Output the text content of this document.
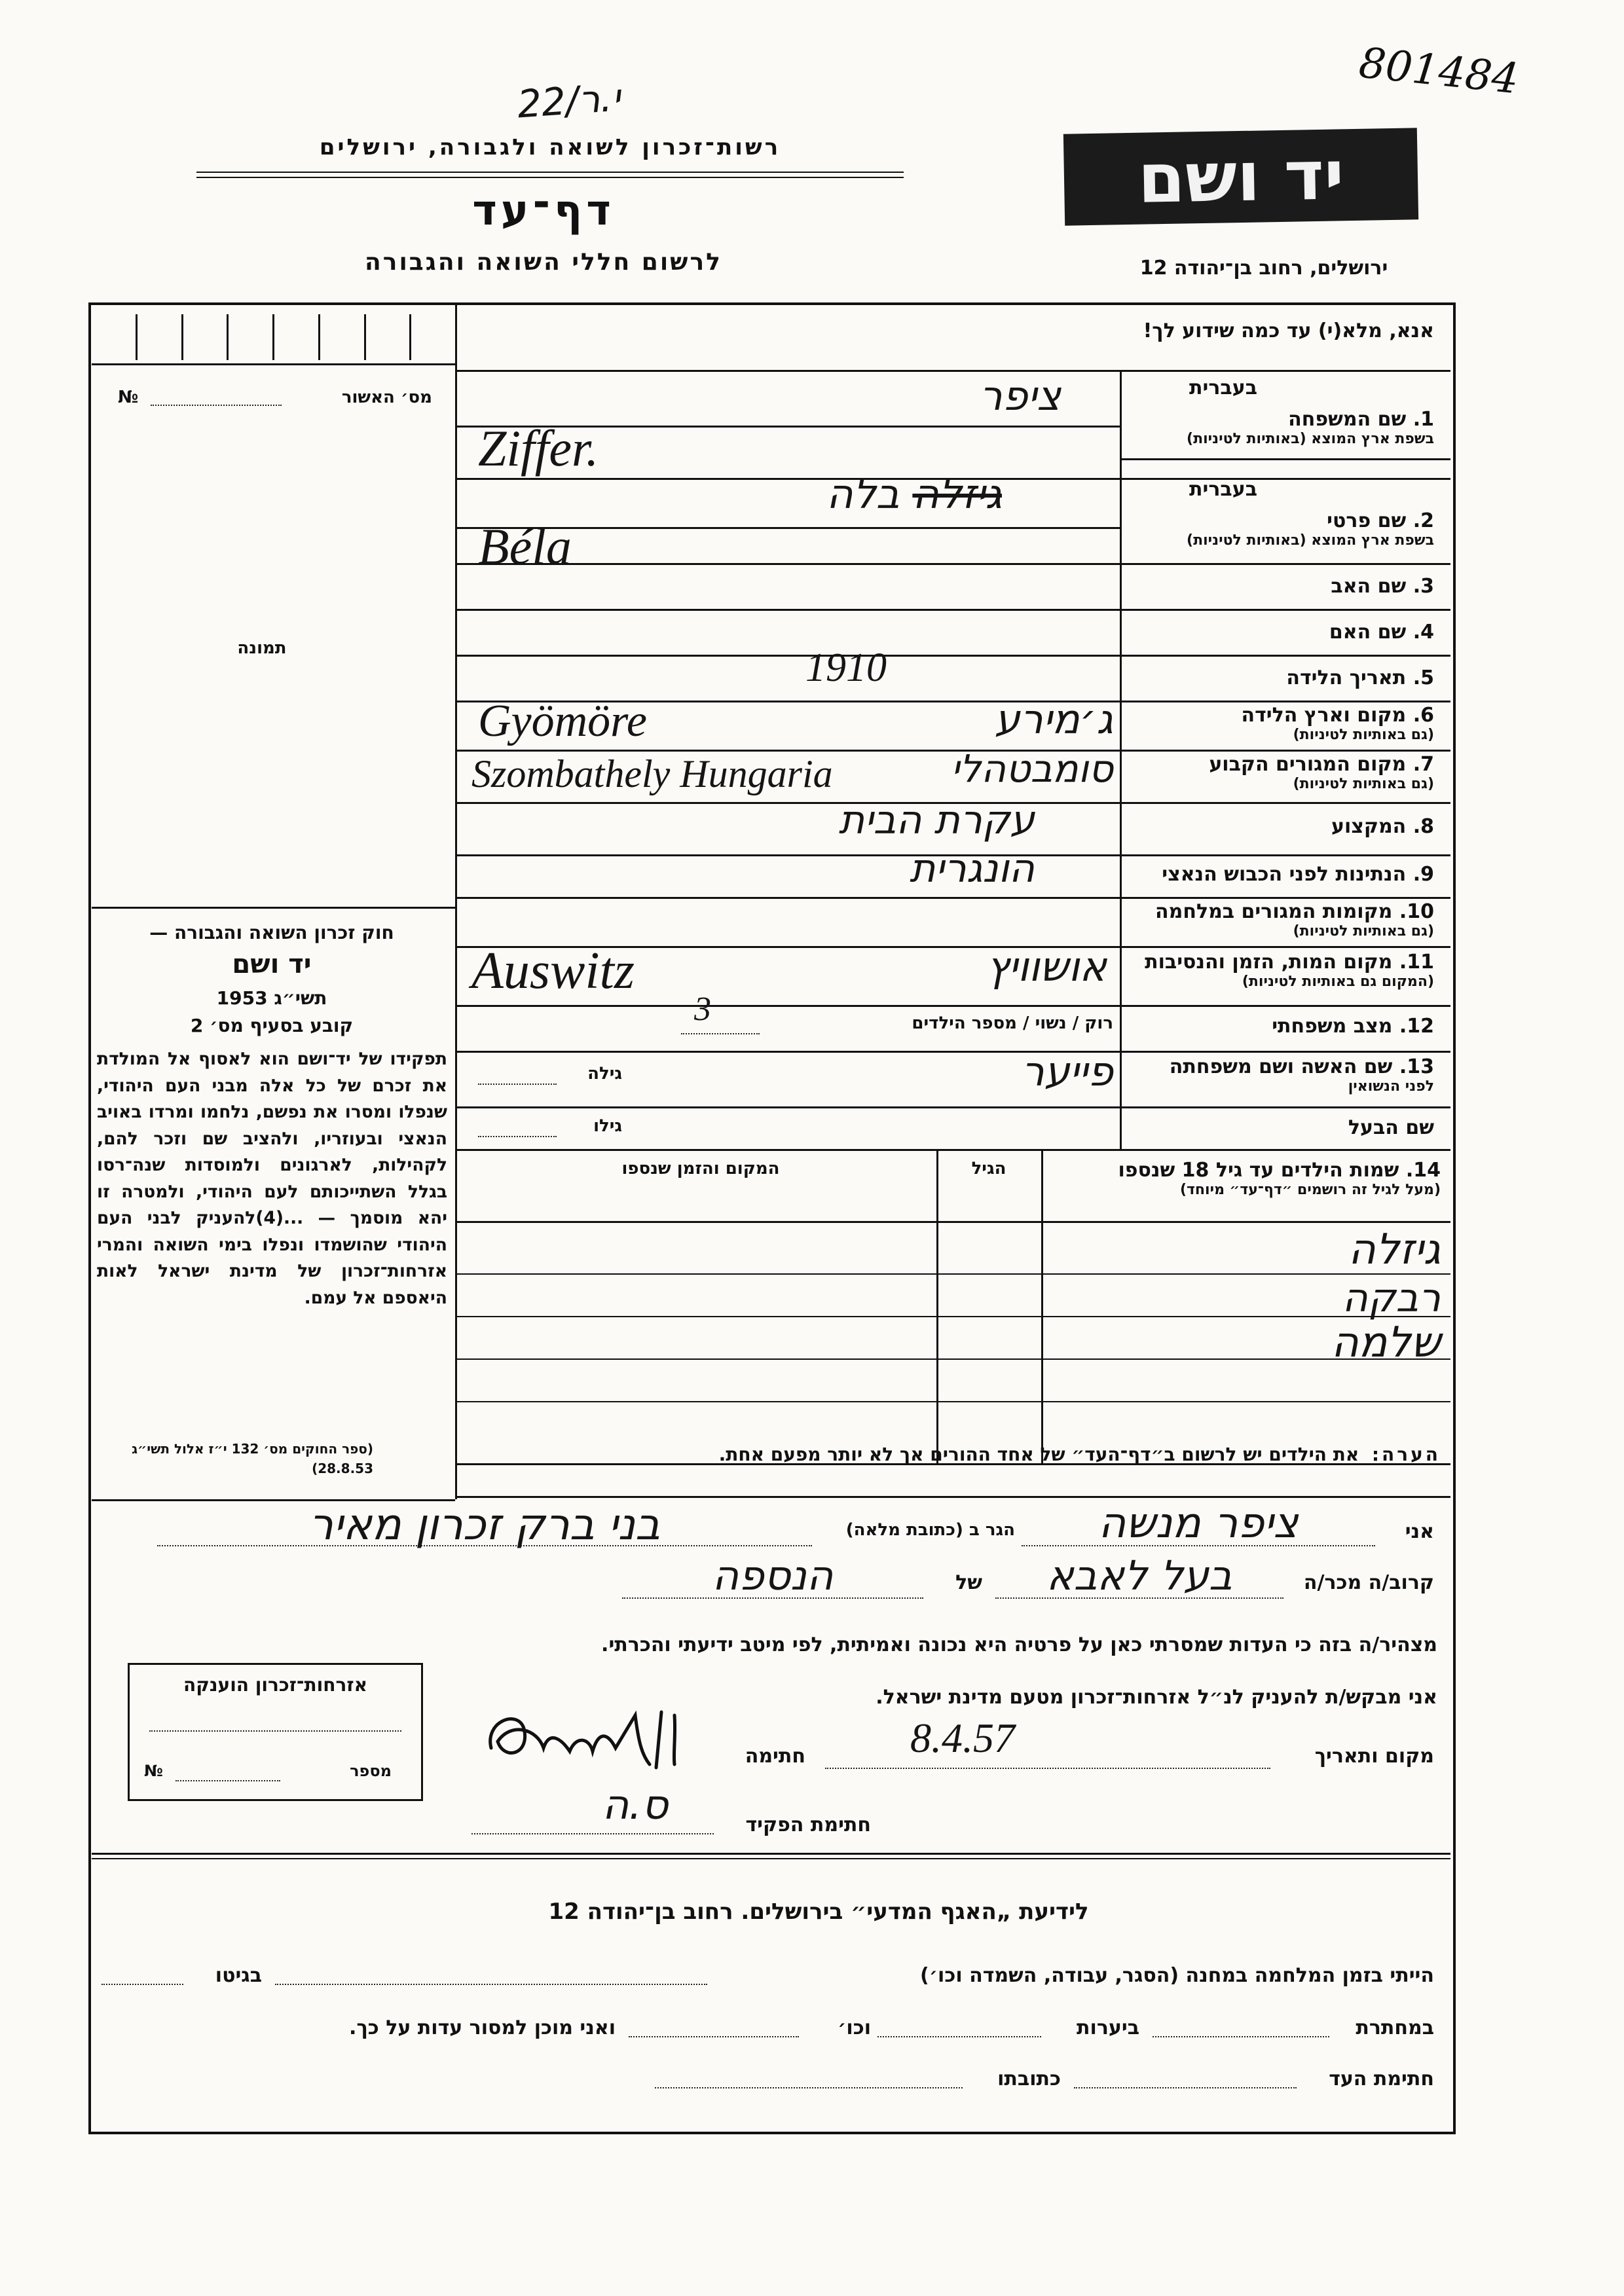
801484
י.ר/22
רשות־זכרון לשואה ולגבורה, ירושלים
דף־עד
לרשום חללי השואה והגבורה
יד ושם
ירושלים, רחוב בן־יהודה 12
אנא, מלא(י) עד כמה שידוע לך!
מס׳ האשור
№
תמונה
חוק זכרון השואה והגבורה —
יד ושם
תשי״ג 1953
קובע בסעיף מס׳ 2
תפקידו של יד־ושם הוא לאסוף אל המולדת את זכרם של כל אלה מבני העם היהודי, שנפלו ומסרו את נפשם, נלחמו ומרדו באויב הנאצי ובעוזריו, ולהציב שם וזכר להם, לקהילות, לארגונים ולמוסדות שנה־רסו בגלל השתייכותם לעם היהודי, ולמטרה זו יהא מוסמך — ...(4)להעניק לבני העם היהודי שהושמדו ונפלו בימי השואה והמרי אזרחות־זכרון של מדינת ישראל לאות היאספם אל עמם.
(ספר החוקים מס׳ 132 י״ז אלול תשי״ג 28.8.53)
בעברית
1. שם המשפחה
בשפת ארץ המוצא (באותיות לטיניות)
ציפר
Ziffer.
בעברית
2. שם פרטי
בשפת ארץ המוצא (באותיות לטיניות)
גיזלה בלה
Béla
3. שם האב
4. שם האם
5. תאריך הלידה
1910
6. מקום וארץ הלידה
(גם באותיות לטיניות)
ג׳מירע
Gyömöre
7. מקום המגורים הקבוע
(גם באותיות לטיניות)
סומבטהלי
Szombathely Hungaria
8. המקצוע
עקרת הבית
9. הנתינות לפני הכבוש הנאצי
הונגרית
10. מקומות המגורים במלחמה
(גם באותיות לטיניות)
11. מקום המות, הזמן והנסיבות
(המקום גם באותיות לטיניות)
אושוויץ
Auswitz
12. מצב משפחתי
רוק / נשוי / מספר הילדים
3
13. שם האשה ושם משפחתה
לפני הנשואין
פייער
גילה
שם הבעל
גילו
14. שמות הילדים עד גיל 18 שנספו
(מעל לגיל זה רושמים ״דף־עד״ מיוחד)
הגיל
המקום והזמן שנספו
גיזלה
רבקה
שלמה
הערה:  את הילדים יש לרשום ב״דף־העד״ של אחד ההורים אך לא יותר מפעם אחת.
אני
ציפר מנשה
הגר ב (כתובת מלאה)
בני ברק זכרון מאיר
קרוב/ה מכר/ה
בעל לאבא
של
הנספה
מצהיר/ה בזה כי העדות שמסרתי כאן על פרטיה היא נכונה ואמיתית, לפי מיטב ידיעתי והכרתי.
אני מבקש/ת להעניק לנ״ל אזרחות־זכרון מטעם מדינת ישראל.
מקום ותאריך
8.4.57
חתימה
חתימת הפקיד
ס.ה
אזרחות־זכרון הוענקה
מספר
№
לידיעת „האגף המדעי״ בירושלים. רחוב בן־יהודה 12
הייתי בזמן המלחמה במחנה (הסגר, עבודה, השמדה וכו׳)
בגיטו
במחתרת
ביערות
וכו׳
ואני מוכן למסור עדות על כך.
חתימת העד
כתובתו
